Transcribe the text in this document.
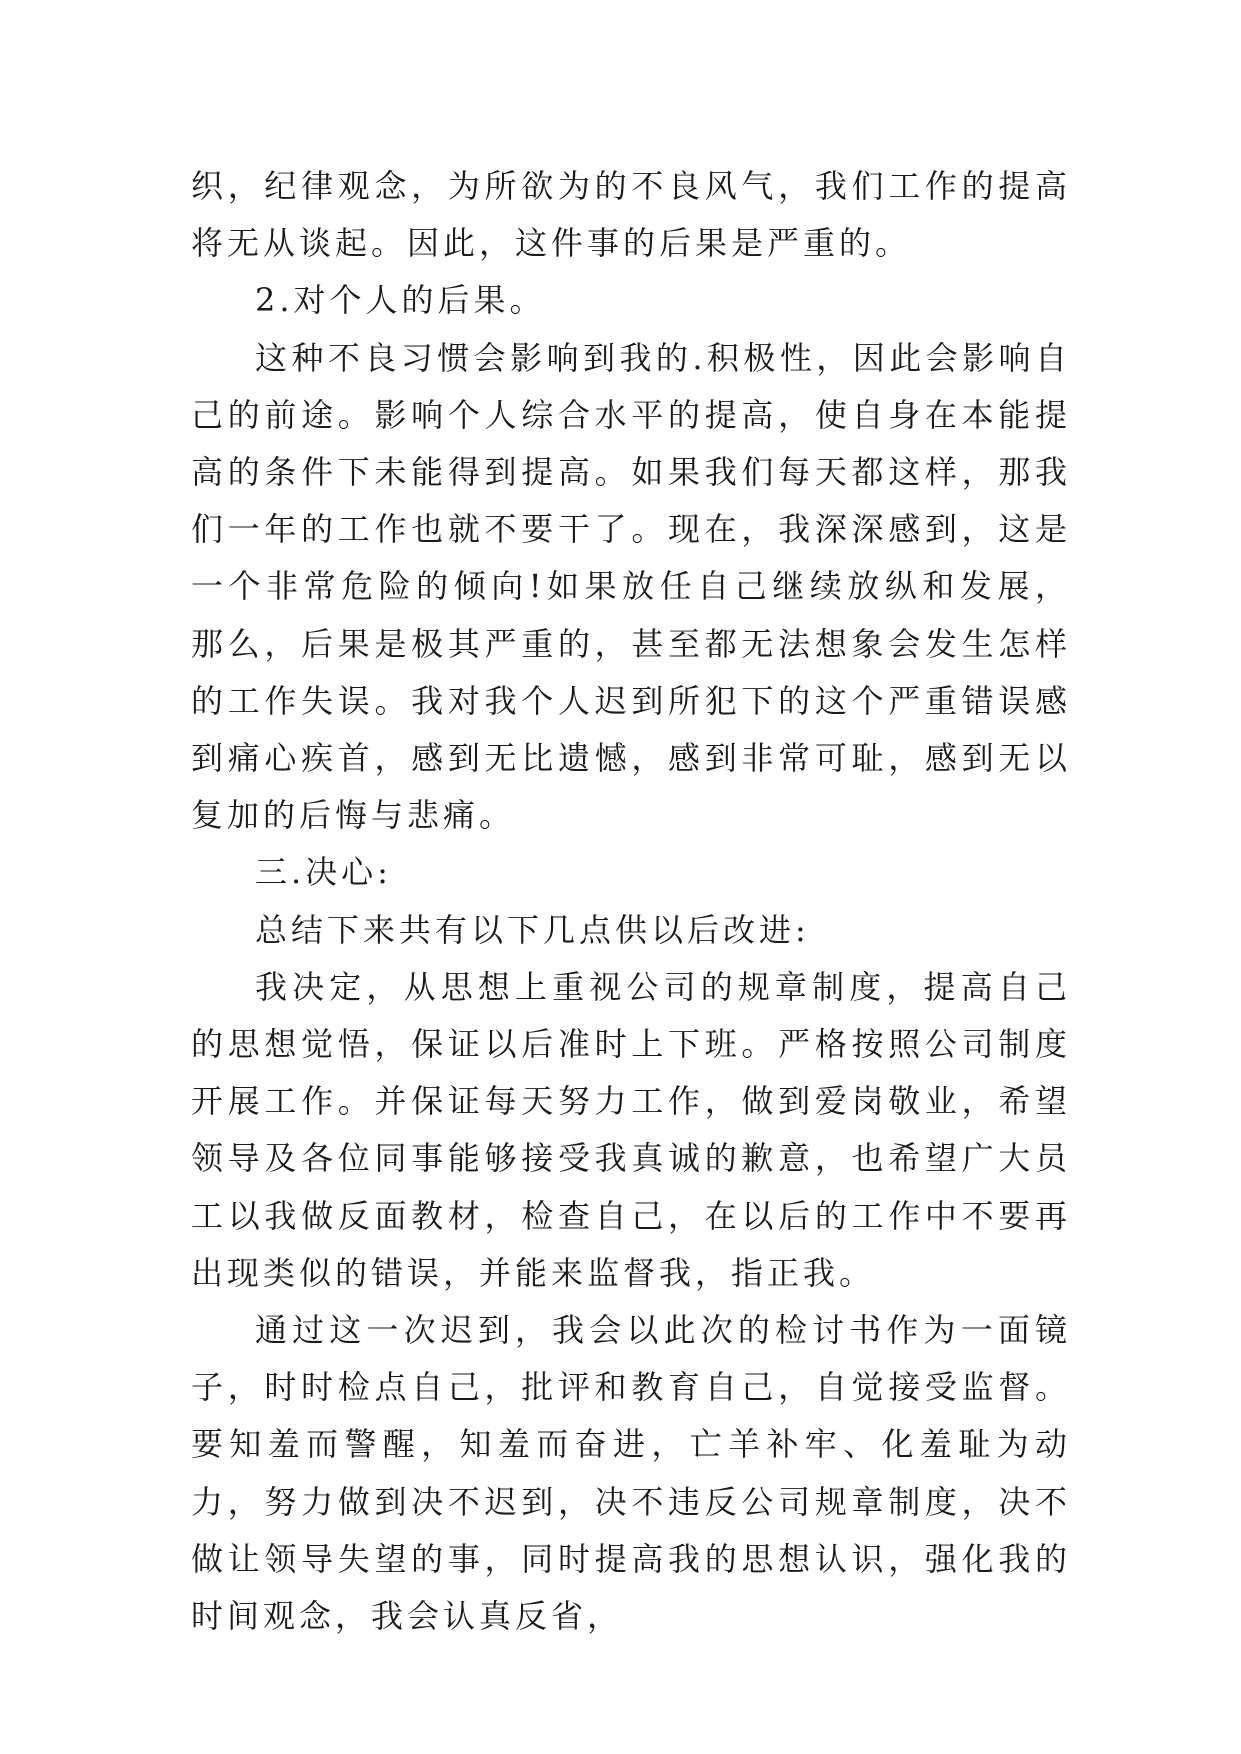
织，纪律观念，为所欲为的不良风气，我们工作的提高将无从谈起。因此，这件事的后果是严重的。

2.对个人的后果。

这种不良习惯会影响到我的.积极性，因此会影响自己的前途。影响个人综合水平的提高，使自身在本能提高的条件下未能得到提高。如果我们每天都这样，那我们一年的工作也就不要干了。现在，我深深感到，这是一个非常危险的倾向!如果放任自己继续放纵和发展，那么，后果是极其严重的，甚至都无法想象会发生怎样的工作失误。我对我个人迟到所犯下的这个严重错误感到痛心疾首，感到无比遗憾，感到非常可耻，感到无以复加的后悔与悲痛。

三.决心:

总结下来共有以下几点供以后改进:

我决定，从思想上重视公司的规章制度，提高自己的思想觉悟，保证以后准时上下班。严格按照公司制度开展工作。并保证每天努力工作，做到爱岗敬业，希望领导及各位同事能够接受我真诚的歉意，也希望广大员工以我做反面教材，检查自己，在以后的工作中不要再出现类似的错误，并能来监督我，指正我。

通过这一次迟到，我会以此次的检讨书作为一面镜子，时时检点自己，批评和教育自己，自觉接受监督。要知羞而警醒，知羞而奋进，亡羊补牢、化羞耻为动力，努力做到决不迟到，决不违反公司规章制度，决不做让领导失望的事，同时提高我的思想认识，强化我的时间观念，我会认真反省，
